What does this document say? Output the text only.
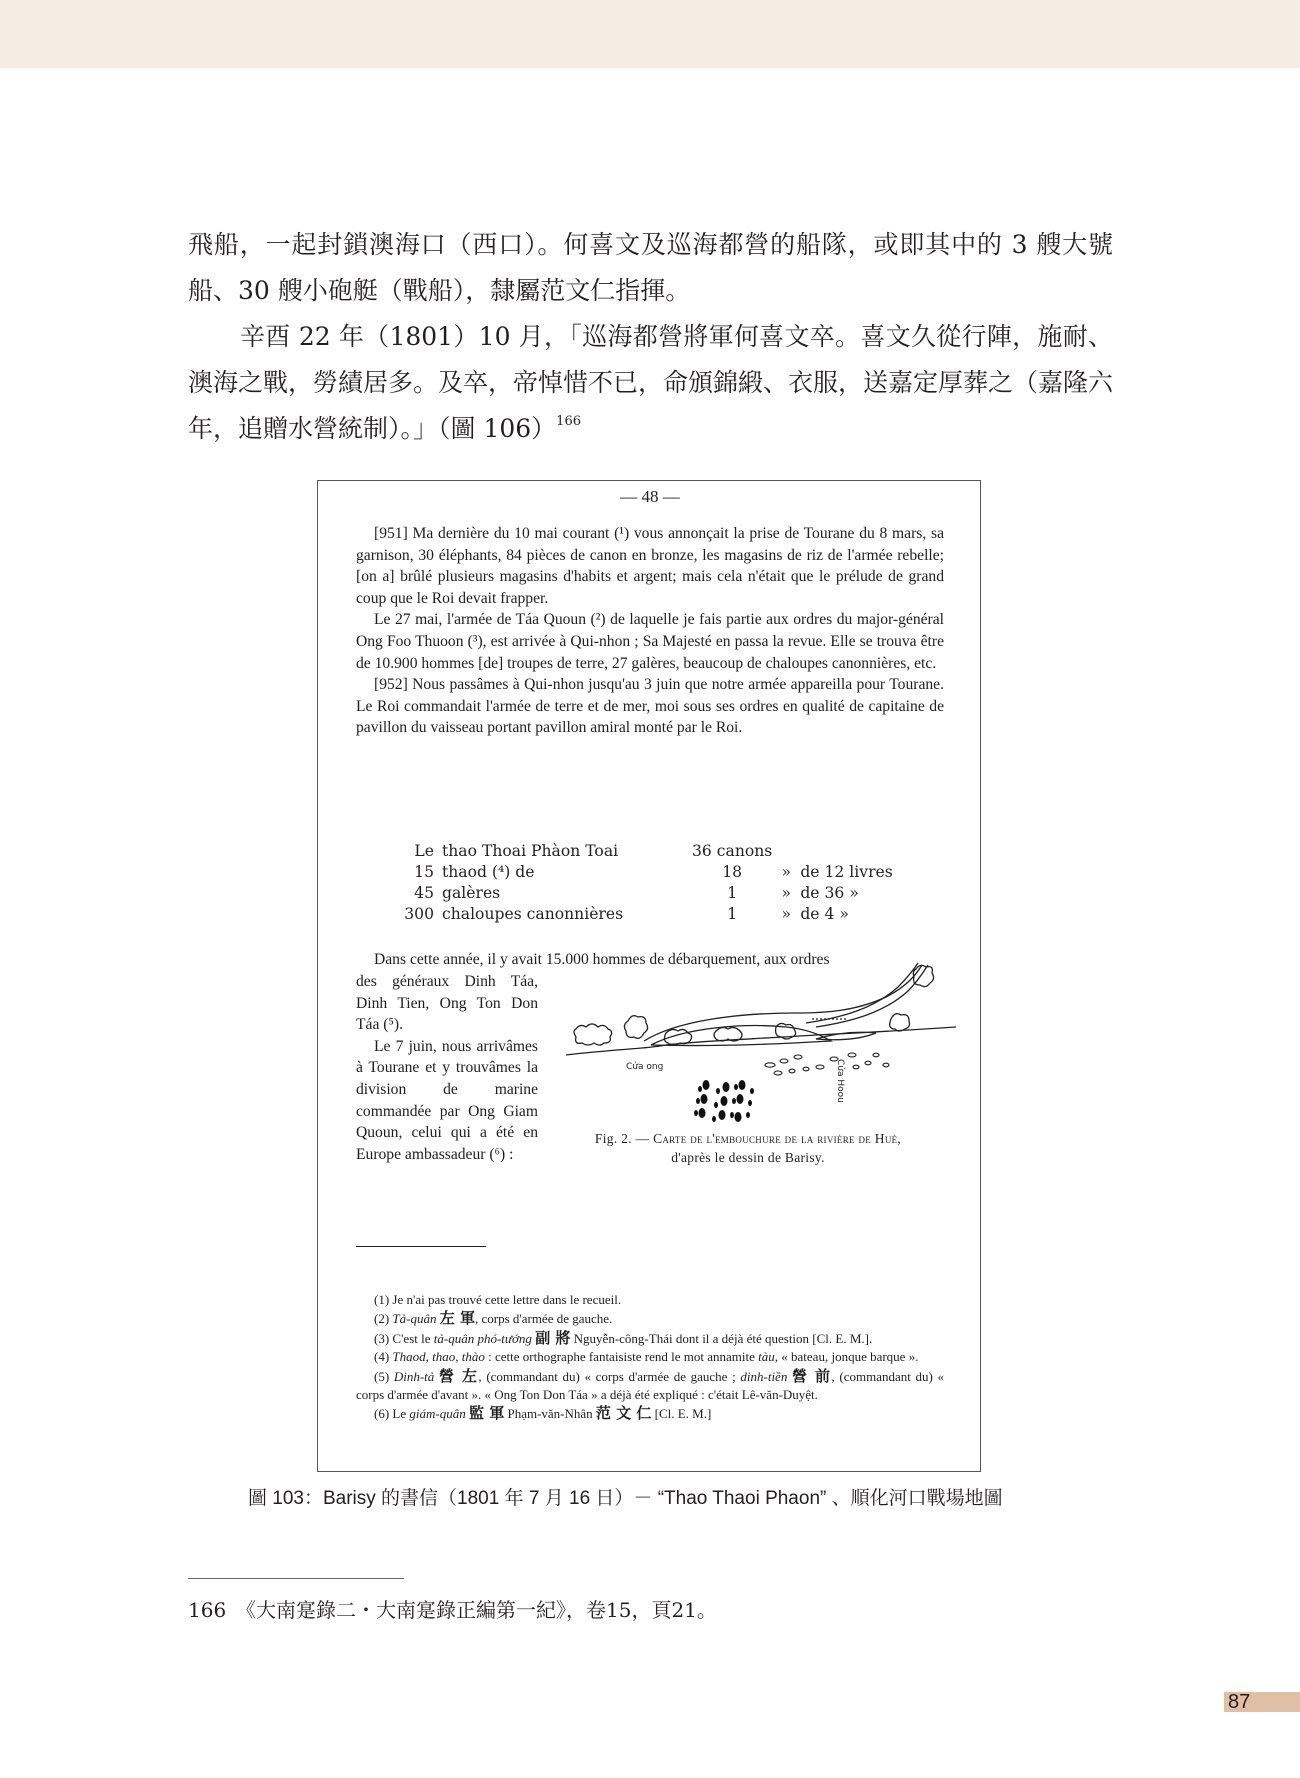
飛船，一起封鎖澳海口（西口）。何喜文及巡海都營的船隊，或即其中的 3 艘大號船、30 艘小砲艇（戰船），隸屬范文仁指揮。

辛酉 22 年（1801）10 月，「巡海都營將軍何喜文卒。喜文久從行陣，施耐、澳海之戰，勞績居多。及卒，帝悼惜不已，命頒錦緞、衣服，送嘉定厚葬之（嘉隆六年，追贈水營統制）。」（圖 106）$^{166}$

— 48 —

[951] Ma dernière du 10 mai courant (¹) vous annonçait la prise de Tourane du 8 mars, sa garnison, 30 éléphants, 84 pièces de canon en bronze, les magasins de riz de l'armée rebelle; [on a] brûlé plusieurs magasins d'habits et argent; mais cela n'était que le prélude de grand coup que le Roi devait frapper.

Le 27 mai, l'armée de Táa Quoun (²) de laquelle je fais partie aux ordres du major-général Ong Foo Thuoon (³), est arrivée à Qui-nhon ; Sa Majesté en passa la revue. Elle se trouva être de 10.900 hommes [de] troupes de terre, 27 galères, beaucoup de chaloupes canonnières, etc.

[952] Nous passâmes à Qui-nhon jusqu'au 3 juin que notre armée appareilla pour Tourane. Le Roi commandait l'armée de terre et de mer, moi sous ses ordres en qualité de capitaine de pavillon du vaisseau portant pavillon amiral monté par le Roi.

Le	thao Thoai Phàon Toai	36 canons		
15	thaod (⁴) de	18	»	de 12 livres
45	galères	1	»	de 36 »
300	chaloupes canonnières	1	»	de 4 »
Dans cette année, il y avait 15.000 hommes de débarquement, aux ordres

des généraux Dinh Táa, Dinh Tien, Ong Ton Don Táa (⁵).

Le 7 juin, nous arrivâmes à Tourane et y trouvâmes la division de marine commandée par Ong Giam Quoun, celui qui a été en Europe ambassadeur (⁶) :

Cửa ong	Cửa Hoou
Fig. 2. — Carte de l'embouchure de la rivière de Huè,
d'après le dessin de Barisy.

(1) Je n'ai pas trouvé cette lettre dans le recueil.

(2) Tả-quân 左 軍, corps d'armée de gauche.

(3) C'est le tả-quân phó-tướng 副 將 Nguyễn-công-Thái dont il a déjà été question [Cl. E. M.].

(4) Thaod, thao, thào : cette orthographe fantaisiste rend le mot annamite tàu, « bateau, jonque barque ».

(5) Dinh-tả 營 左, (commandant du) « corps d'armée de gauche ; dinh-tiền 營 前, (commandant du) « corps d'armée d'avant ». « Ong Ton Don Táa » a déjà été expliqué : c'était Lê-văn-Duyệt.

(6) Le giám-quân 監 軍 Phạm-văn-Nhân 范 文 仁 [Cl. E. M.]

圖 103：Barisy 的書信（1801 年 7 月 16 日）－ “Thao Thaoi Phaon” 、順化河口戰場地圖
166 《大南寔錄二・大南寔錄正編第一紀》，卷15，頁21。
87
